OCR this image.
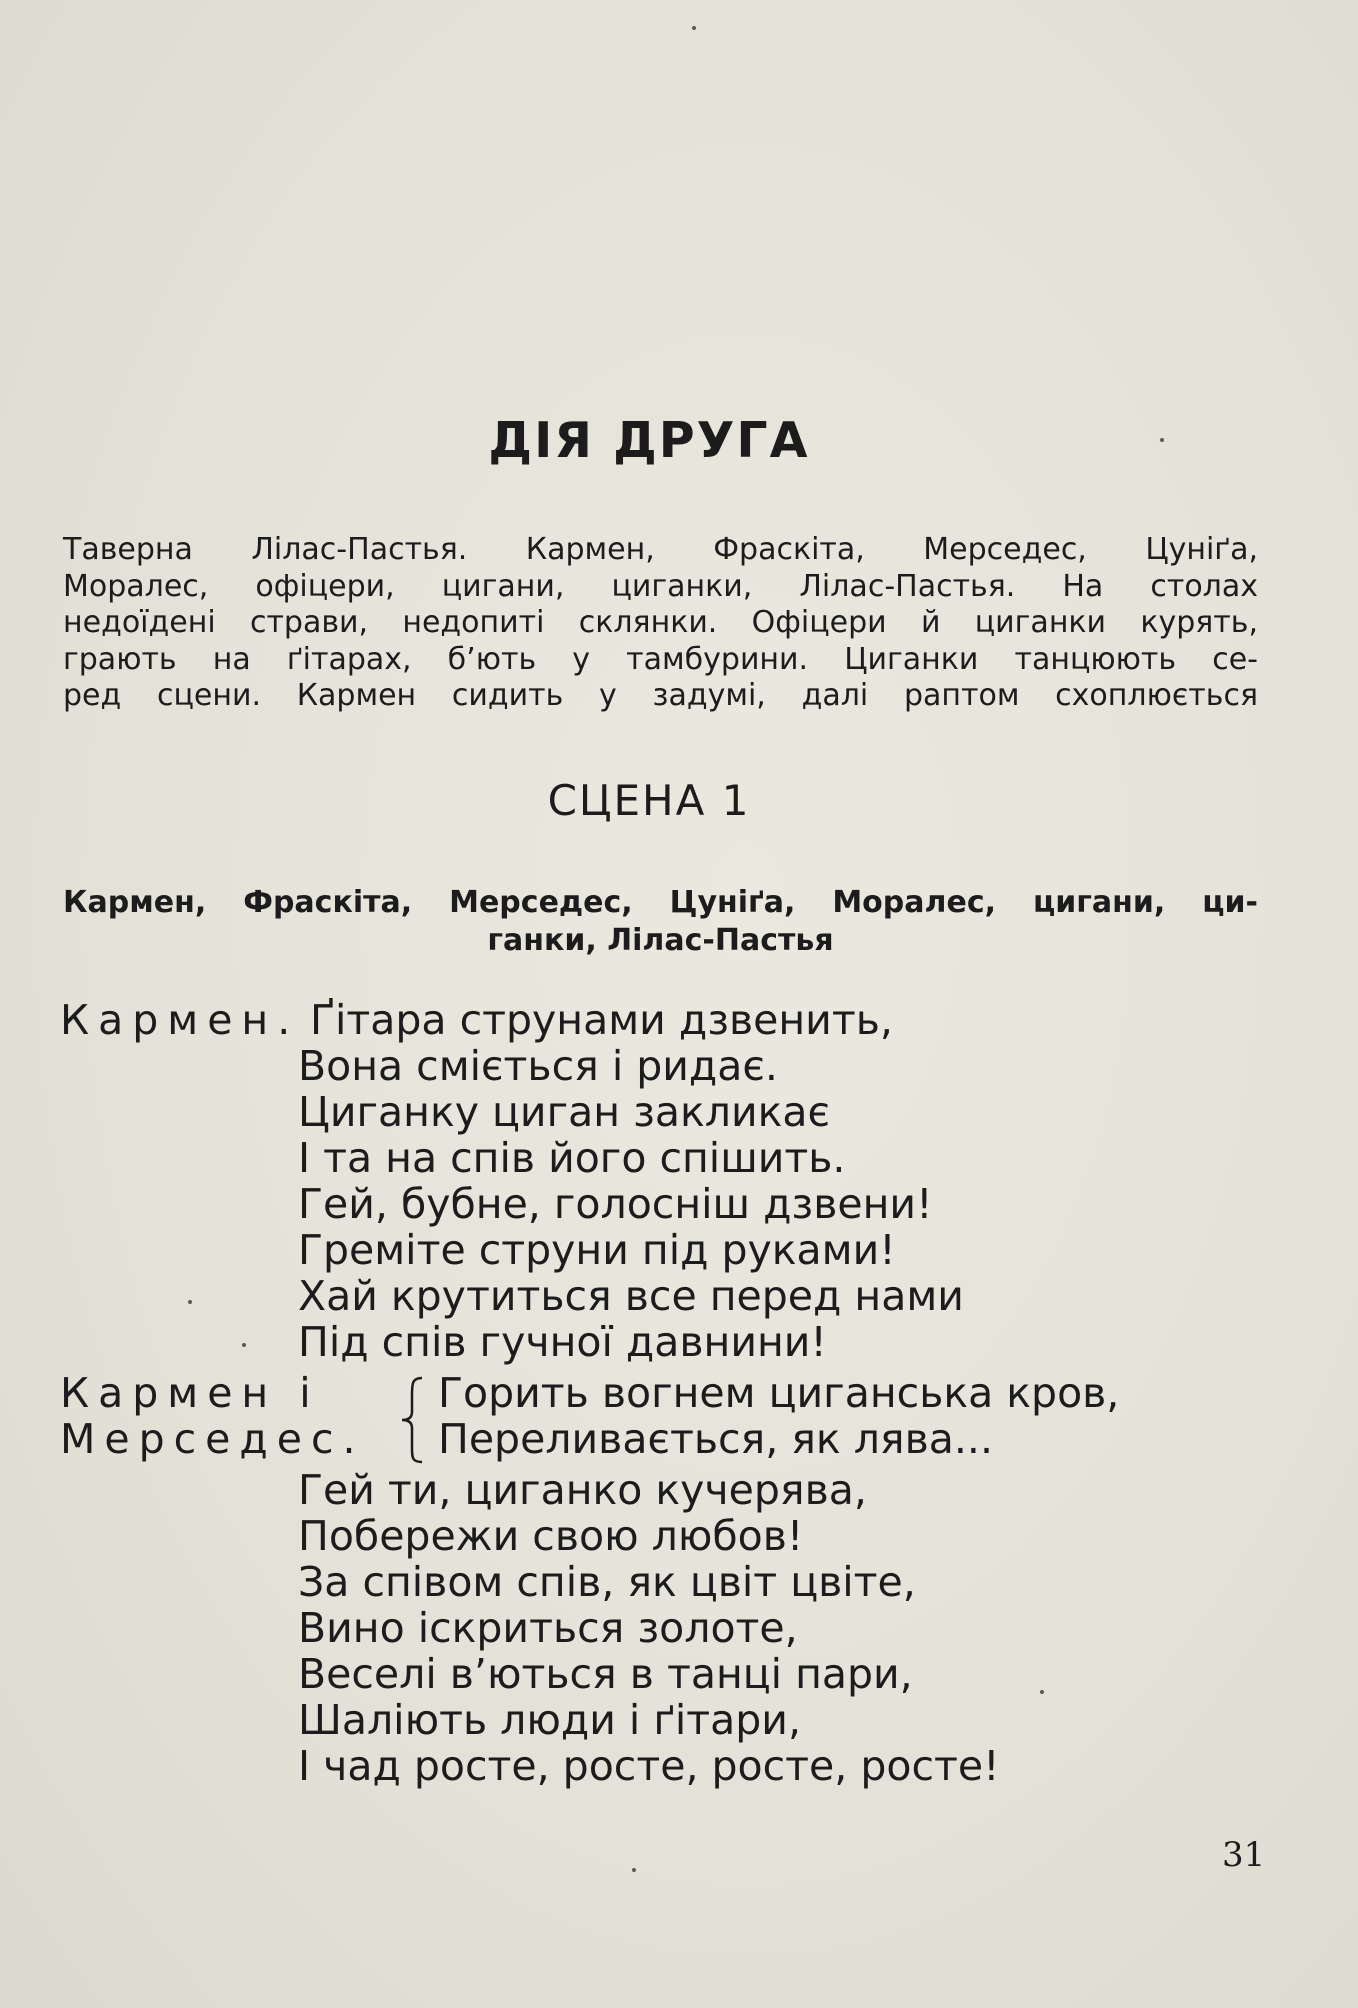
ДІЯ ДРУГА
Таверна Лілас-Пастья. Кармен, Фраскіта, Мерседес, Цуніґа,
Моралес, офіцери, цигани, циганки, Лілас-Пастья. На столах
недоїдені страви, недопиті склянки. Офіцери й циганки курять,
грають на ґітарах, б’ють у тамбурини. Циганки танцюють се-
ред сцени. Кармен сидить у задумі, далі раптом схоплюється
СЦЕНА 1
Кармен, Фраскіта, Мерседес, Цуніґа, Моралес, цигани, ци-
ганки, Лілас-Пастья
Кармен.
Кармен і
Мерседес.
Ґітара струнами дзвенить,
Вона сміється і ридає.
Циганку циган закликає
І та на спів його спішить.
Гей, бубне, голосніш дзвени!
Греміте струни під руками!
Хай крутиться все перед нами
Під спів гучної давнини!
Горить вогнем циганська кров,
Переливається, як лява...
Гей ти, циганко кучерява,
Побережи свою любов!
За співом спів, як цвіт цвіте,
Вино іскриться золоте,
Веселі в’ються в танці пари,
Шаліють люди і ґітари,
І чад росте, росте, росте, росте!
31
